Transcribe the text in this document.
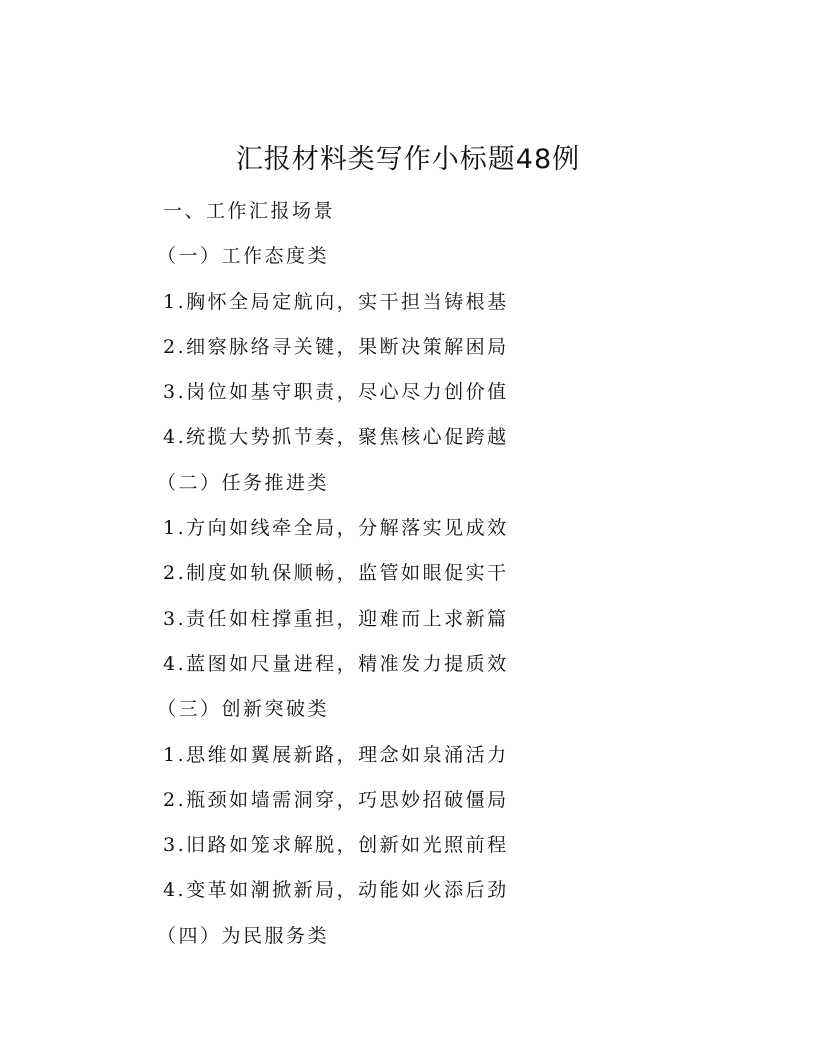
汇报材料类写作小标题48例
一、工作汇报场景
（一）工作态度类
1.胸怀全局定航向，实干担当铸根基
2.细察脉络寻关键，果断决策解困局
3.岗位如基守职责，尽心尽力创价值
4.统揽大势抓节奏，聚焦核心促跨越
（二）任务推进类
1.方向如线牵全局，分解落实见成效
2.制度如轨保顺畅，监管如眼促实干
3.责任如柱撑重担，迎难而上求新篇
4.蓝图如尺量进程，精准发力提质效
（三）创新突破类
1.思维如翼展新路，理念如泉涌活力
2.瓶颈如墙需洞穿，巧思妙招破僵局
3.旧路如笼求解脱，创新如光照前程
4.变革如潮掀新局，动能如火添后劲
（四）为民服务类
